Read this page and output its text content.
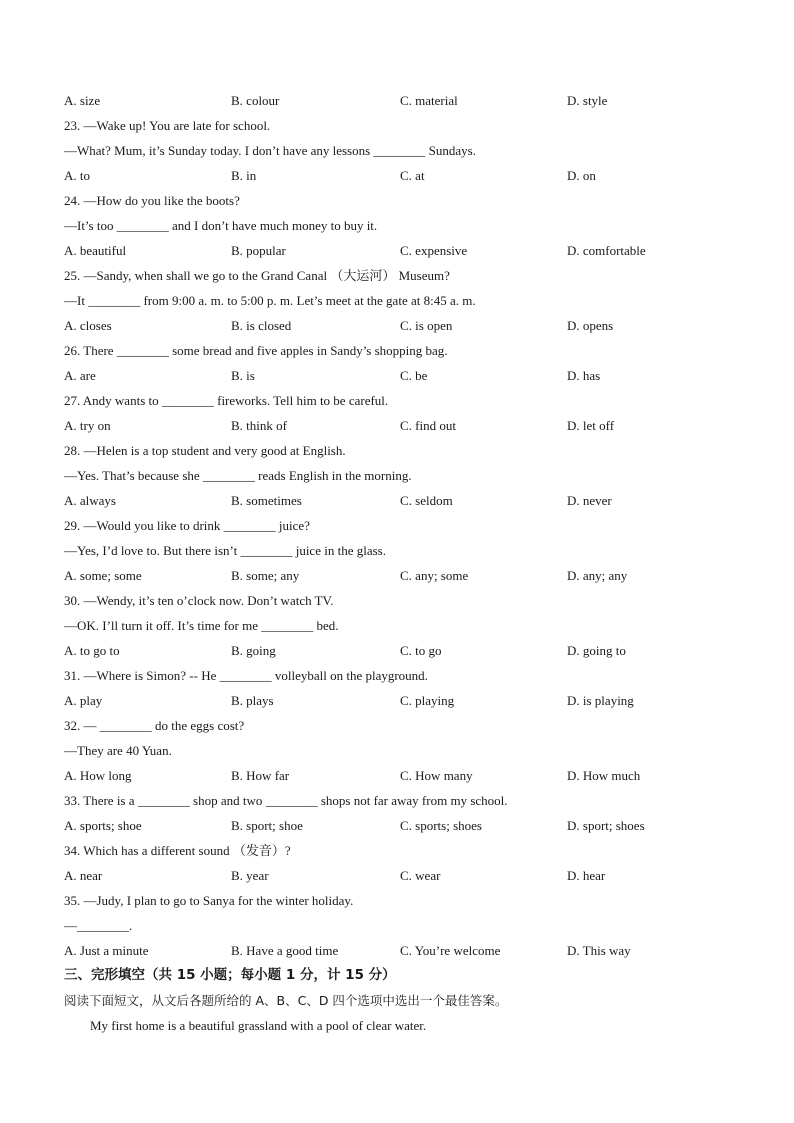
A. size	B. colour	C. material	D. style
23. —Wake up! You are late for school.
—What? Mum, it’s Sunday today. I don’t have any lessons ________ Sundays.
A. to	B. in	C. at	D. on
24. —How do you like the boots?
—It’s too ________ and I don’t have much money to buy it.
A. beautiful	B. popular	C. expensive	D. comfortable
25. —Sandy, when shall we go to the Grand Canal （大运河） Museum?
—It ________ from 9:00 a. m. to 5:00 p. m. Let’s meet at the gate at 8:45 a. m.
A. closes	B. is closed	C. is open	D. opens
26. There ________ some bread and five apples in Sandy’s shopping bag.
A. are	B. is	C. be	D. has
27. Andy wants to ________ fireworks. Tell him to be careful.
A. try on	B. think of	C. find out	D. let off
28. —Helen is a top student and very good at English.
—Yes. That’s because she ________ reads English in the morning.
A. always	B. sometimes	C. seldom	D. never
29. —Would you like to drink ________ juice?
—Yes, I’d love to. But there isn’t ________ juice in the glass.
A. some; some	B. some; any	C. any; some	D. any; any
30. —Wendy, it’s ten o’clock now. Don’t watch TV.
—OK. I’ll turn it off. It’s time for me ________ bed.
A. to go to	B. going	C. to go	D. going to
31. —Where is Simon? -- He ________ volleyball on the playground.
A. play	B. plays	C. playing	D. is playing
32. — ________ do the eggs cost?
—They are 40 Yuan.
A. How long	B. How far	C. How many	D. How much
33. There is a ________ shop and two ________ shops not far away from my school.
A. sports; shoe	B. sport; shoe	C. sports; shoes	D. sport; shoes
34. Which has a different sound （发音）?
A. near	B. year	C. wear	D. hear
35. —Judy, I plan to go to Sanya for the winter holiday.
—________.
A. Just a minute	B. Have a good time	C. You’re welcome	D. This way
三、完形填空（共 15 小题；每小题 1 分，计 15 分）
阅读下面短文，从文后各题所给的 A、B、C、D 四个选项中选出一个最佳答案。
My first home is a beautiful grassland with a pool of clear water.
